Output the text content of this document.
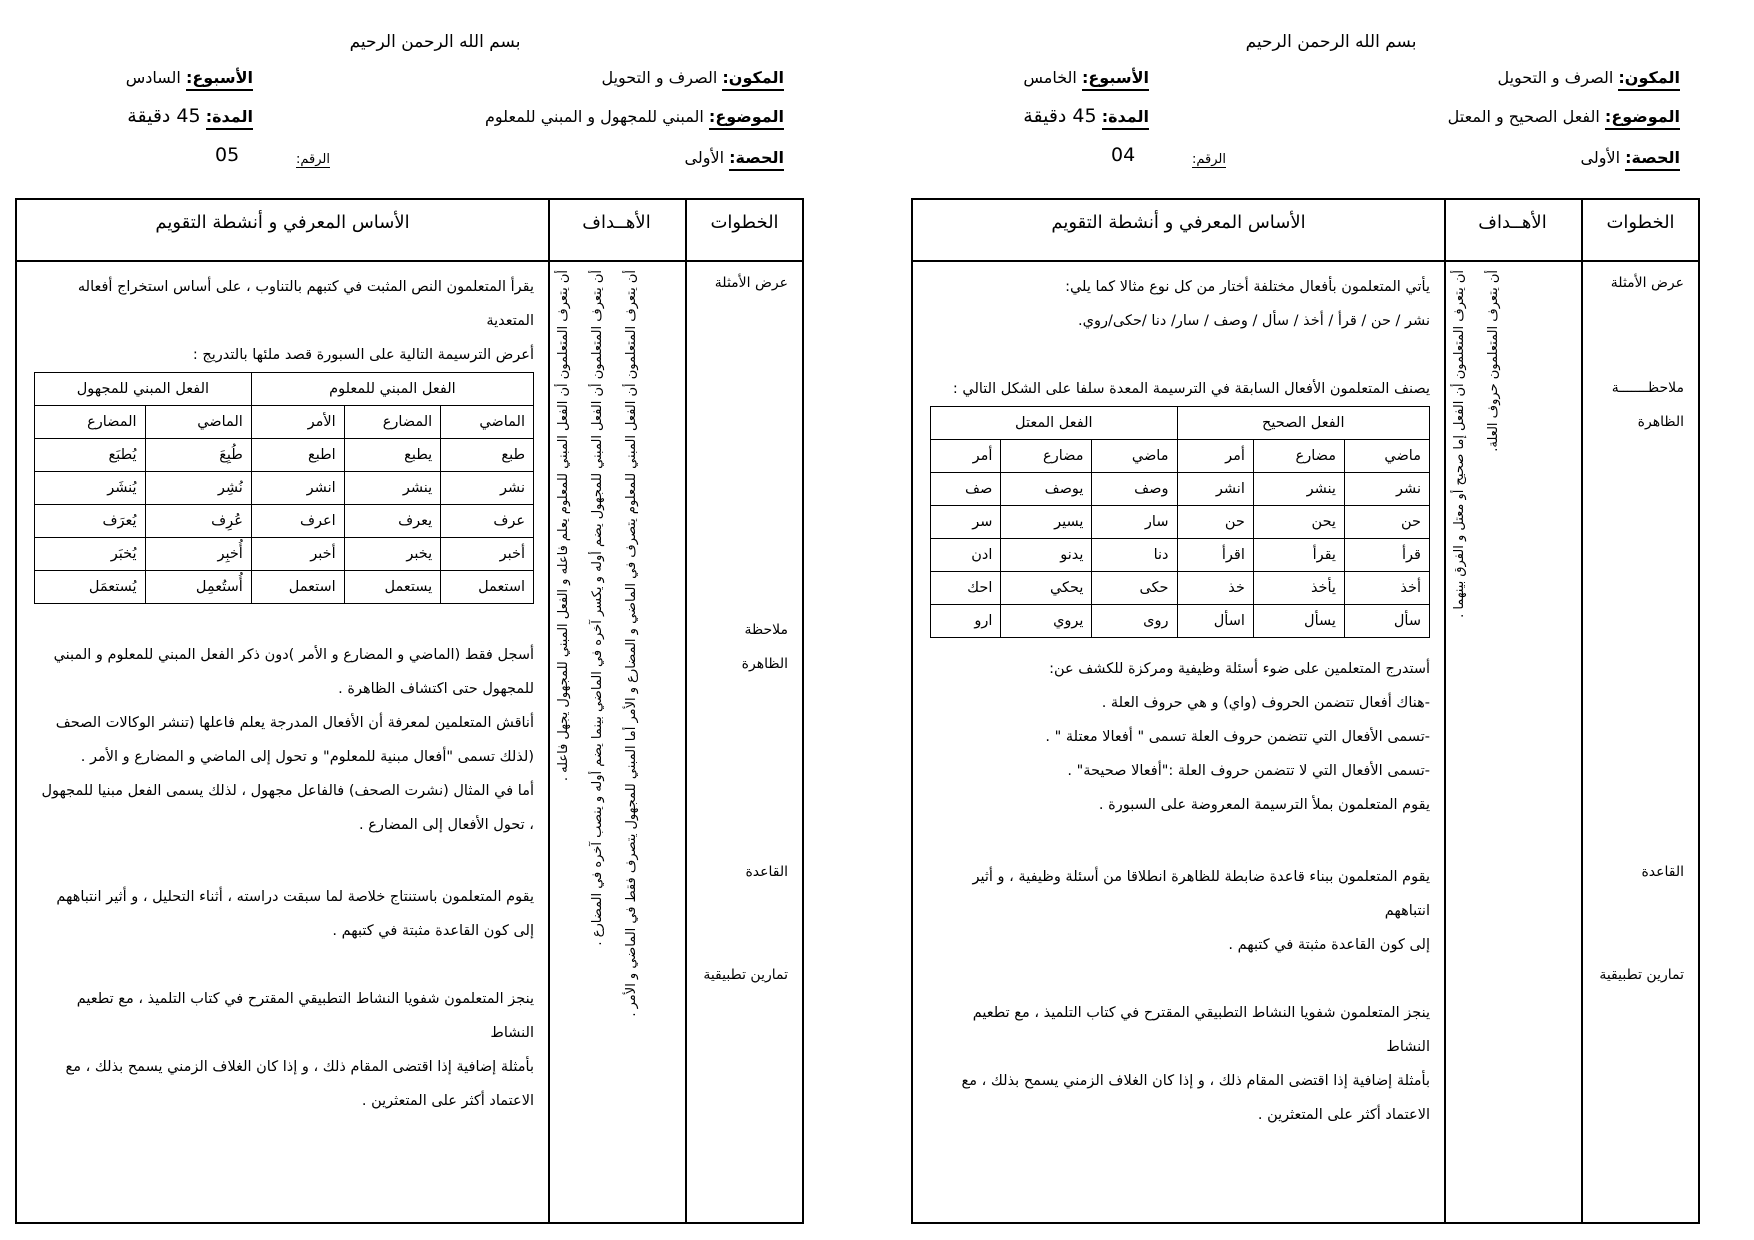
بسم الله الرحمن الرحيم
المكون: الصرف و التحويل
الموضوع: الفعل الصحيح و المعتل
الحصة: الأولى
الأسبوع: الخامس
المدة: 45 دقيقة
الرقم:
04
الخطوات
الأهــداف
الأساس المعرفي و أنشطة التقويم
عرض الأمثلة
ملاحظـــــــة
الظاهرة
القاعدة
تمارين تطبيقية
أن يتعرف المتعلمون أن الفعل إما صحيح أو معتل و الفرق بينهما . أن يتعرف المتعلمون حروف العلة.
يأتي المتعلمون بأفعال مختلفة أختار من كل نوع مثالا كما يلي:
نشر / حن / قرأ / أخذ / سأل / وصف / سار/ دنا /حكى/روي.
يصنف المتعلمون الأفعال السابقة في الترسيمة المعدة سلفا على الشكل التالي :
الفعل الصحيح			الفعل المعتل		
ماضي	مضارع	أمر	ماضي	مضارع	أمر
نشر	ينشر	انشر	وصف	يوصف	صف
حن	يحن	حن	سار	يسير	سر
قرأ	يقرأ	اقرأ	دنا	يدنو	ادن
أخذ	يأخذ	خذ	حكى	يحكي	احك
سأل	يسأل	اسأل	روى	يروي	ارو
أستدرج المتعلمين على ضوء أسئلة وظيفية ومركزة للكشف عن:
-هناك أفعال تتضمن الحروف (واي) و هي حروف العلة .
-تسمى الأفعال التي تتضمن حروف العلة تسمى " أفعالا معتلة " .
-تسمى الأفعال التي لا تتضمن حروف العلة :"أفعالا صحيحة" .
يقوم المتعلمون بملأ الترسيمة المعروضة على السبورة .
يقوم المتعلمون ببناء قاعدة ضابطة للظاهرة انطلاقا من أسئلة وظيفية ، و أثير انتباههم
إلى كون القاعدة مثبتة في كتبهم .
ينجز المتعلمون شفويا النشاط التطبيقي المقترح في كتاب التلميذ ، مع تطعيم النشاط
بأمثلة إضافية إذا اقتضى المقام ذلك ، و إذا كان الغلاف الزمني يسمح بذلك ، مع
الاعتماد أكثر على المتعثرين .
بسم الله الرحمن الرحيم
المكون: الصرف و التحويل
الموضوع: المبني للمجهول و المبني للمعلوم
الحصة: الأولى
الأسبوع: السادس
المدة: 45 دقيقة
الرقم:
05
الخطوات
الأهــداف
الأساس المعرفي و أنشطة التقويم
عرض الأمثلة
ملاحظة
الظاهرة
القاعدة
تمارين تطبيقية
أن يتعرف المتعلمون أن الفعل المبني للمعلوم يعلم فاعله و الفعل المبني للمجهول يجهل فاعله . أن يتعرف المتعلمون أن الفعل المبني للمجهول يضم أوله و يكسر آخره في الماضي بينما يضم أوله و ينصب آخره في المضارع . أن يتعرف المتعلمون أن الفعل المبني للمعلوم يتصرف في الماضي و المضارع و الأمر أما المبني للمجهول يتصرف فقط في الماضي و الأمر .
يقرأ المتعلمون النص المثبت في كتبهم بالتناوب ، على أساس استخراج أفعاله المتعدية
أعرض الترسيمة التالية على السبورة قصد ملئها بالتدريج :
الفعل المبني للمعلوم			الفعل المبني للمجهول	
الماضي	المضارع	الأمر	الماضي	المضارع
طبع	يطبع	اطبع	طُبِعَ	يُطبَع
نشر	ينشر	انشر	نُشِر	يُنشَر
عرف	يعرف	اعرف	عُرِف	يُعرَف
أخبر	يخبر	أخبر	أُخبِر	يُخبَر
استعمل	يستعمل	استعمل	أُستُعمِل	يُستعمَل
أسجل فقط (الماضي و المضارع و الأمر )دون ذكر الفعل المبني للمعلوم و المبني
للمجهول حتى اكتشاف الظاهرة .
أناقش المتعلمين لمعرفة أن الأفعال المدرجة يعلم فاعلها (تنشر الوكالات الصحف
(لذلك تسمى "أفعال مبنية للمعلوم" و تحول إلى الماضي و المضارع و الأمر .
أما في المثال (نشرت الصحف) فالفاعل مجهول ، لذلك يسمى الفعل مبنيا للمجهول
، تحول الأفعال إلى المضارع .
يقوم المتعلمون باستنتاج خلاصة لما سبقت دراسته ، أثناء التحليل ، و أثير انتباههم
إلى كون القاعدة مثبتة في كتبهم .
ينجز المتعلمون شفويا النشاط التطبيقي المقترح في كتاب التلميذ ، مع تطعيم النشاط
بأمثلة إضافية إذا اقتضى المقام ذلك ، و إذا كان الغلاف الزمني يسمح بذلك ، مع
الاعتماد أكثر على المتعثرين .
